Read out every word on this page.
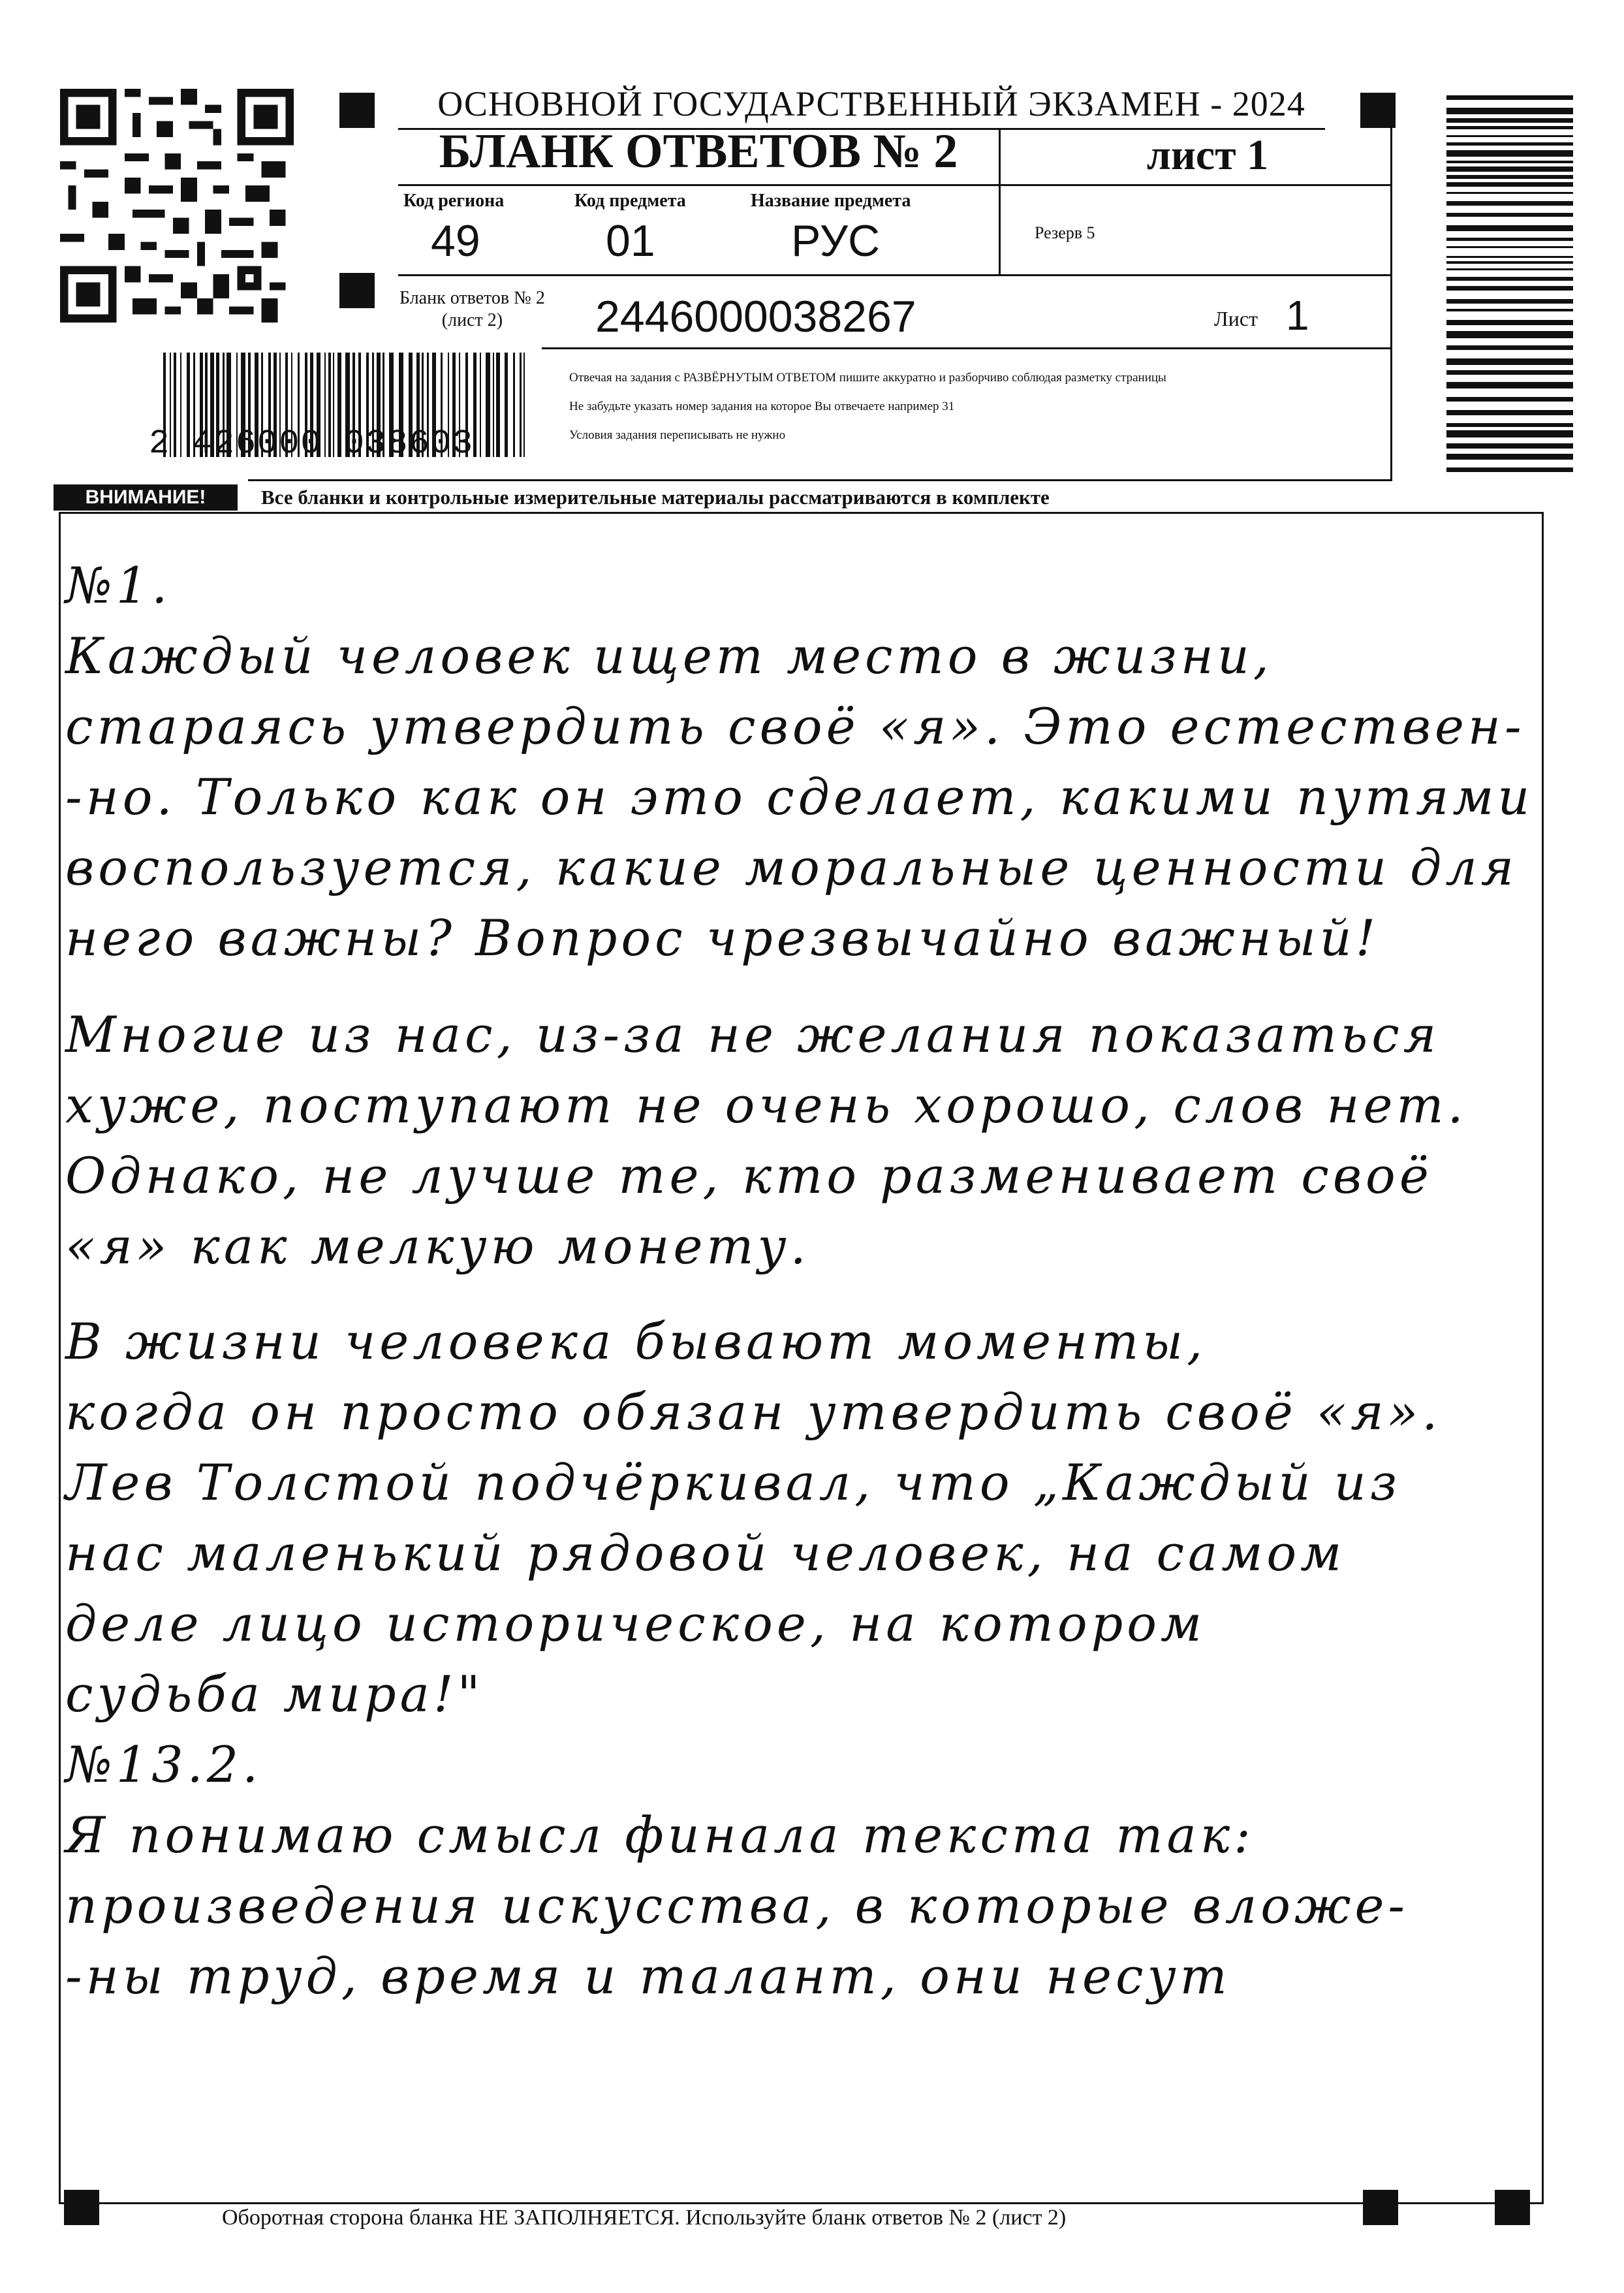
ОСНОВНОЙ ГОСУДАРСТВЕННЫЙ ЭКЗАМЕН - 2024
БЛАНК ОТВЕТОВ № 2	лист 1
Код региона
49
Код предмета
01
Название предмета
РУС	Резерв 5
Бланк ответов № 2
(лист 2)	2446000038267	Лист 1
2 426000 038603
Отвечая на задания с РАЗВЁРНУТЫМ ОТВЕТОМ пишите аккуратно и разборчиво соблюдая разметку страницы
Не забудьте указать номер задания на которое Вы отвечаете например 31
Условия задания переписывать не нужно
ВНИМАНИЕ!	Все бланки и контрольные измерительные материалы рассматриваются в комплекте
№1.
Каждый человек ищет место в жизни,
стараясь утвердить своё «я». Это естествен-
-но. Только как он это сделает, какими путями
воспользуется, какие моральные ценности для
него важны? Вопрос чрезвычайно важный!
Многие из нас, из-за не желания показаться
хуже, поступают не очень хорошо, слов нет.
Однако, не лучше те, кто разменивает своё
«я» как мелкую монету.
В жизни человека бывают моменты,
когда он просто обязан утвердить своё «я».
Лев Толстой подчёркивал, что „Каждый из
нас маленький рядовой человек, на самом
деле лицо историческое, на котором
судьба мира!"
№13.2.
Я понимаю смысл финала текста так:
произведения искусства, в которые вложе-
-ны труд, время и талант, они несут
Оборотная сторона бланка НЕ ЗАПОЛНЯЕТСЯ. Используйте бланк ответов № 2 (лист 2)
